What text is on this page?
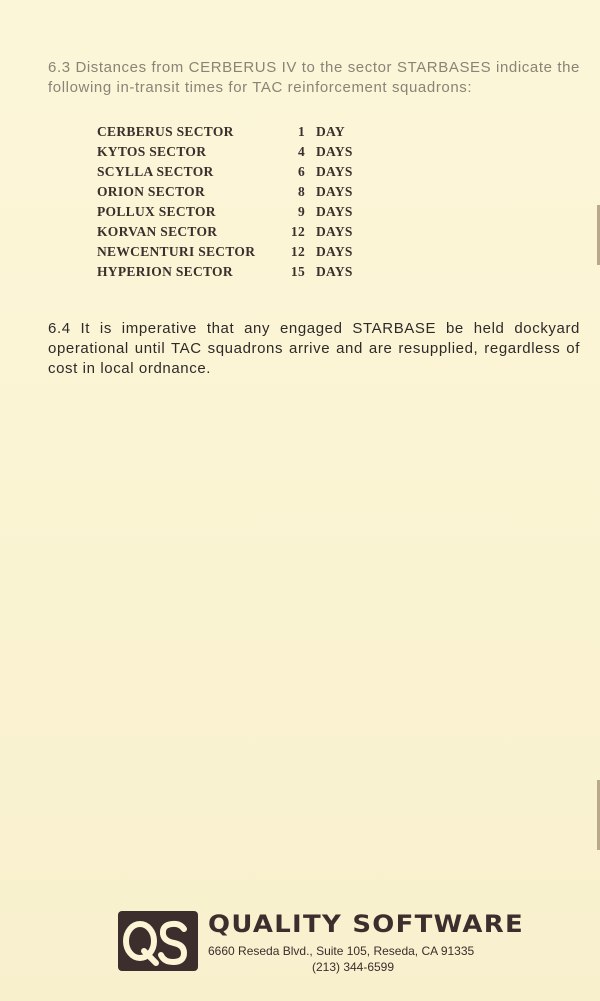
6.3 Distances from CERBERUS IV to the sector STARBASES indicate the following in-transit times for TAC reinforcement squadrons:

CERBERUS SECTOR	1 DAY
KYTOS SECTOR	4 DAYS
SCYLLA SECTOR	6 DAYS
ORION SECTOR	8 DAYS
POLLUX SECTOR	9 DAYS
KORVAN SECTOR	12 DAYS
NEWCENTURI SECTOR	12 DAYS
HYPERION SECTOR	15 DAYS

6.4 It is imperative that any engaged STARBASE be held dockyard operational until TAC squadrons arrive and are resupplied, regardless of cost in local ordnance.

QUALITY SOFTWARE
6660 Reseda Blvd., Suite 105, Reseda, CA 91335
(213) 344-6599
